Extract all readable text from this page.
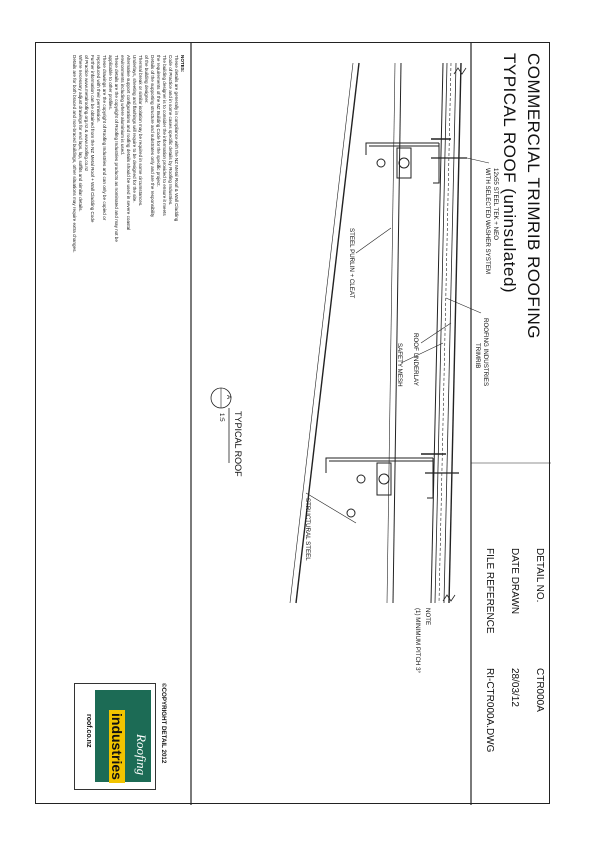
COMMERCIAL TRIMRIB ROOFING

TYPICAL ROOF (uninsulated)

DETAIL NO.

CTR000A

DATE DRAWN

28/03/12

FILE REFERENCE

RI-CTR000A.DWG

NOTE

(1) MINIMUM PITCH 3°

12x55 STEEL TEK + NEO

WITH SELECTED WASHER SYSTEM

ROOFING INDUSTRIES

TRIMRIB

ROOF UNDERLAY

SAFETY MESH

STEEL PURLIN + CLEAT

STRUCTURAL STEEL

A

TYPICAL ROOF

1:5

NOTES:

These details are generally in compliance with the NZ Metal Roof & Wall Cladding

Code of Practice and in some cases specific details by Roofing Industries.

The building designer is to consider the information provided to ensure it meets

the requirements of the NZ Building Code for the specific project.

Details of the supporting structure and substrates only and are the responsibility

of the building designer.

Thermal break or similar isolation may be required in some circumstances.

Underlays, sheeting and flashings will require to be designed for the site.

Alternative support configurations and roofing details should be used in severe coastal

environments including where aluminium is used.

These details are the copyright of Roofing Industries products as nominated and may not be

applicable to other profiles.

These drawings are the copyright of Roofing Industries and can only be copied or

reproduced with their permission.

Further information can be obtained from the NZ Metal Roof + Wall Cladding Code

of Practice www.metalroofing.org.nz & www.roofing.co.nz

Where necessary adjust drawings for end laps, lap, soffits and similar details.

Details are for both braced and non-braced buildings, other situations may require extra changes.

©COPYRIGHT DETAIL 2012

Roofing
industries
roof.co.nz
